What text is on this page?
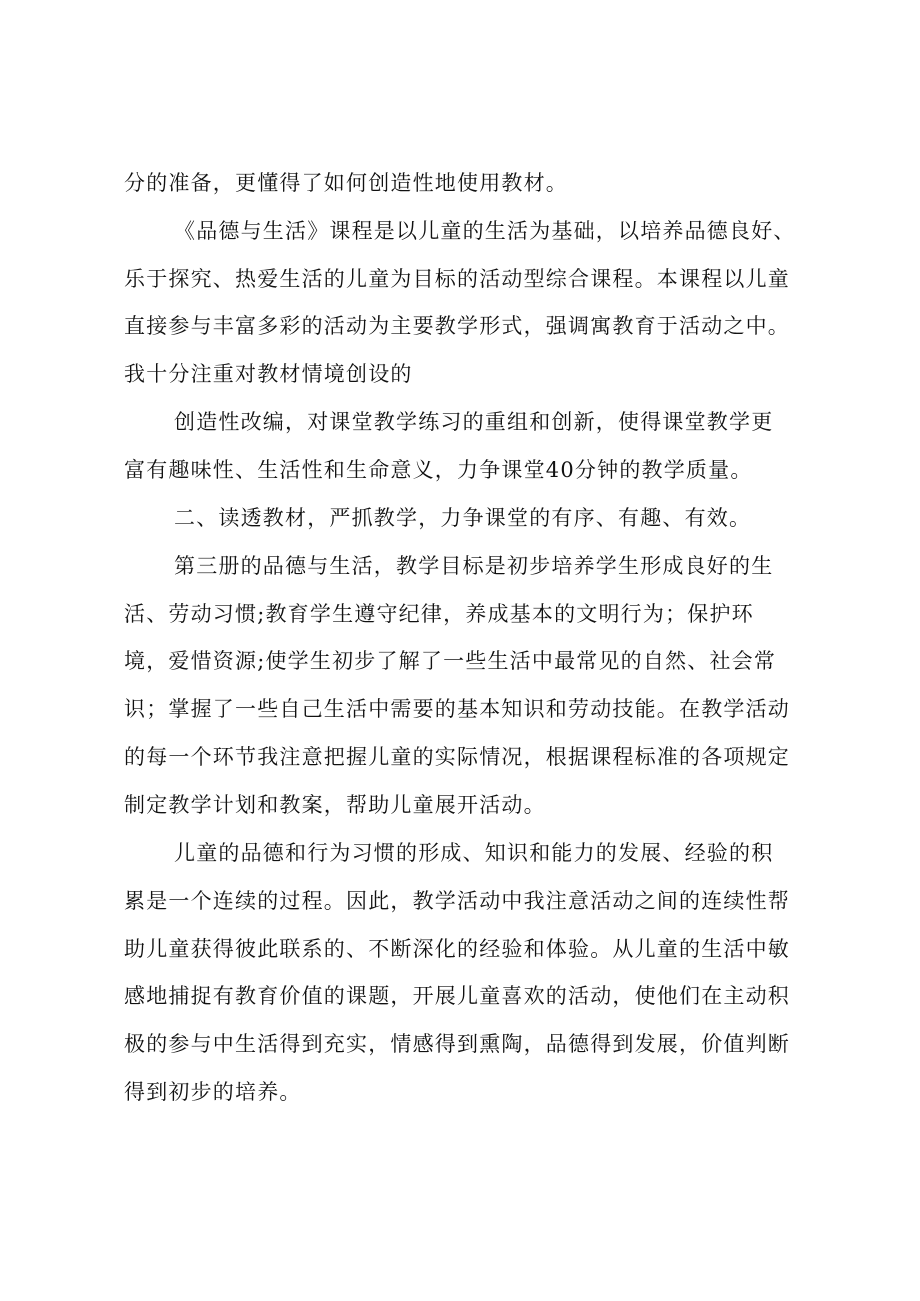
分的准备，更懂得了如何创造性地使用教材。
《品德与生活》课程是以儿童的生活为基础，以培养品德良好、
乐于探究、热爱生活的儿童为目标的活动型综合课程。本课程以儿童
直接参与丰富多彩的活动为主要教学形式，强调寓教育于活动之中。
我十分注重对教材情境创设的
创造性改编，对课堂教学练习的重组和创新，使得课堂教学更
富有趣味性、生活性和生命意义，力争课堂40分钟的教学质量。
二、读透教材，严抓教学，力争课堂的有序、有趣、有效。
第三册的品德与生活，教学目标是初步培养学生形成良好的生
活、劳动习惯;教育学生遵守纪律，养成基本的文明行为；保护环
境，爱惜资源;使学生初步了解了一些生活中最常见的自然、社会常
识；掌握了一些自己生活中需要的基本知识和劳动技能。在教学活动
的每一个环节我注意把握儿童的实际情况，根据课程标准的各项规定
制定教学计划和教案，帮助儿童展开活动。
儿童的品德和行为习惯的形成、知识和能力的发展、经验的积
累是一个连续的过程。因此，教学活动中我注意活动之间的连续性帮
助儿童获得彼此联系的、不断深化的经验和体验。从儿童的生活中敏
感地捕捉有教育价值的课题，开展儿童喜欢的活动，使他们在主动积
极的参与中生活得到充实，情感得到熏陶，品德得到发展，价值判断
得到初步的培养。
